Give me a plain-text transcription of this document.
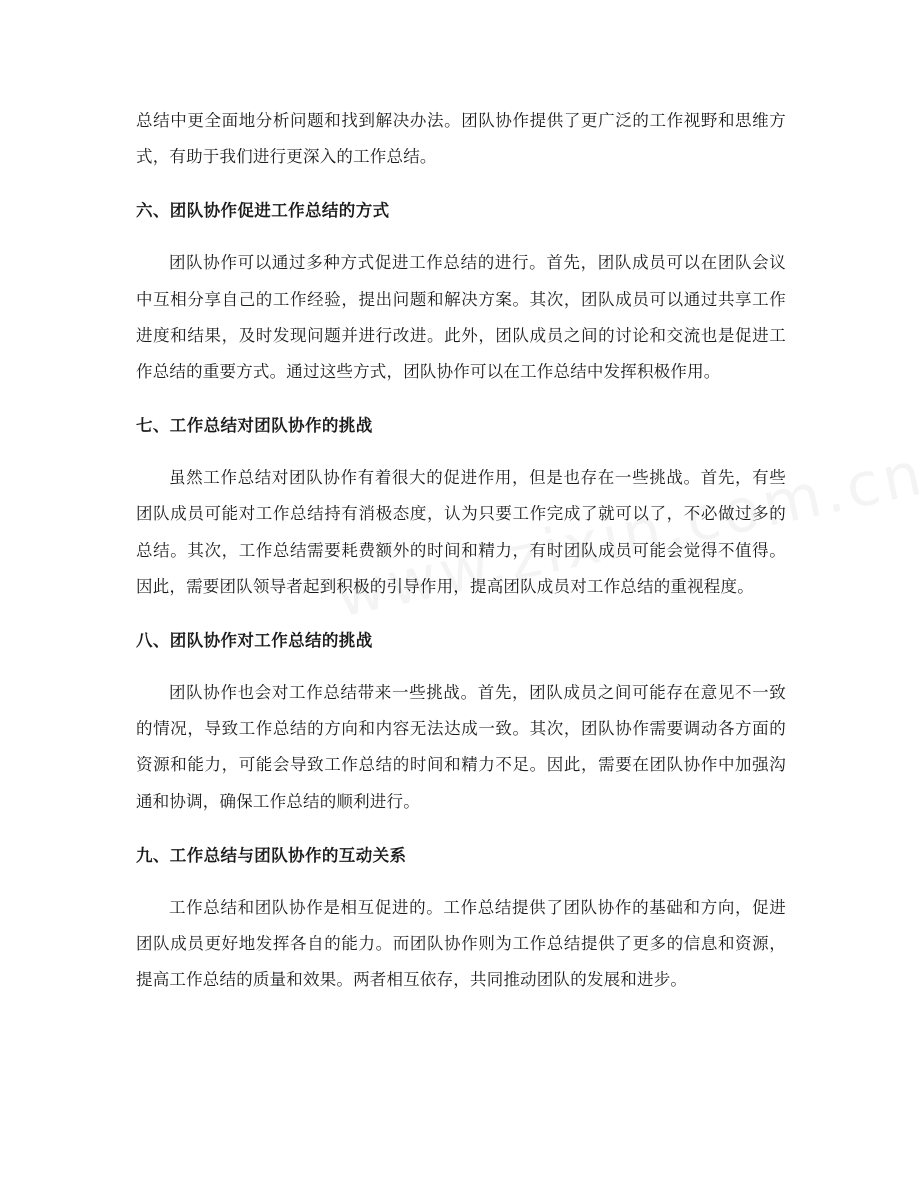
总结中更全面地分析问题和找到解决办法。团队协作提供了更广泛的工作视野和思维方式，有助于我们进行更深入的工作总结。

六、团队协作促进工作总结的方式

团队协作可以通过多种方式促进工作总结的进行。首先，团队成员可以在团队会议中互相分享自己的工作经验，提出问题和解决方案。其次，团队成员可以通过共享工作进度和结果，及时发现问题并进行改进。此外，团队成员之间的讨论和交流也是促进工作总结的重要方式。通过这些方式，团队协作可以在工作总结中发挥积极作用。

七、工作总结对团队协作的挑战

虽然工作总结对团队协作有着很大的促进作用，但是也存在一些挑战。首先，有些团队成员可能对工作总结持有消极态度，认为只要工作完成了就可以了，不必做过多的总结。其次，工作总结需要耗费额外的时间和精力，有时团队成员可能会觉得不值得。因此，需要团队领导者起到积极的引导作用，提高团队成员对工作总结的重视程度。

八、团队协作对工作总结的挑战

团队协作也会对工作总结带来一些挑战。首先，团队成员之间可能存在意见不一致的情况，导致工作总结的方向和内容无法达成一致。其次，团队协作需要调动各方面的资源和能力，可能会导致工作总结的时间和精力不足。因此，需要在团队协作中加强沟通和协调，确保工作总结的顺利进行。

九、工作总结与团队协作的互动关系

工作总结和团队协作是相互促进的。工作总结提供了团队协作的基础和方向，促进团队成员更好地发挥各自的能力。而团队协作则为工作总结提供了更多的信息和资源，提高工作总结的质量和效果。两者相互依存，共同推动团队的发展和进步。
